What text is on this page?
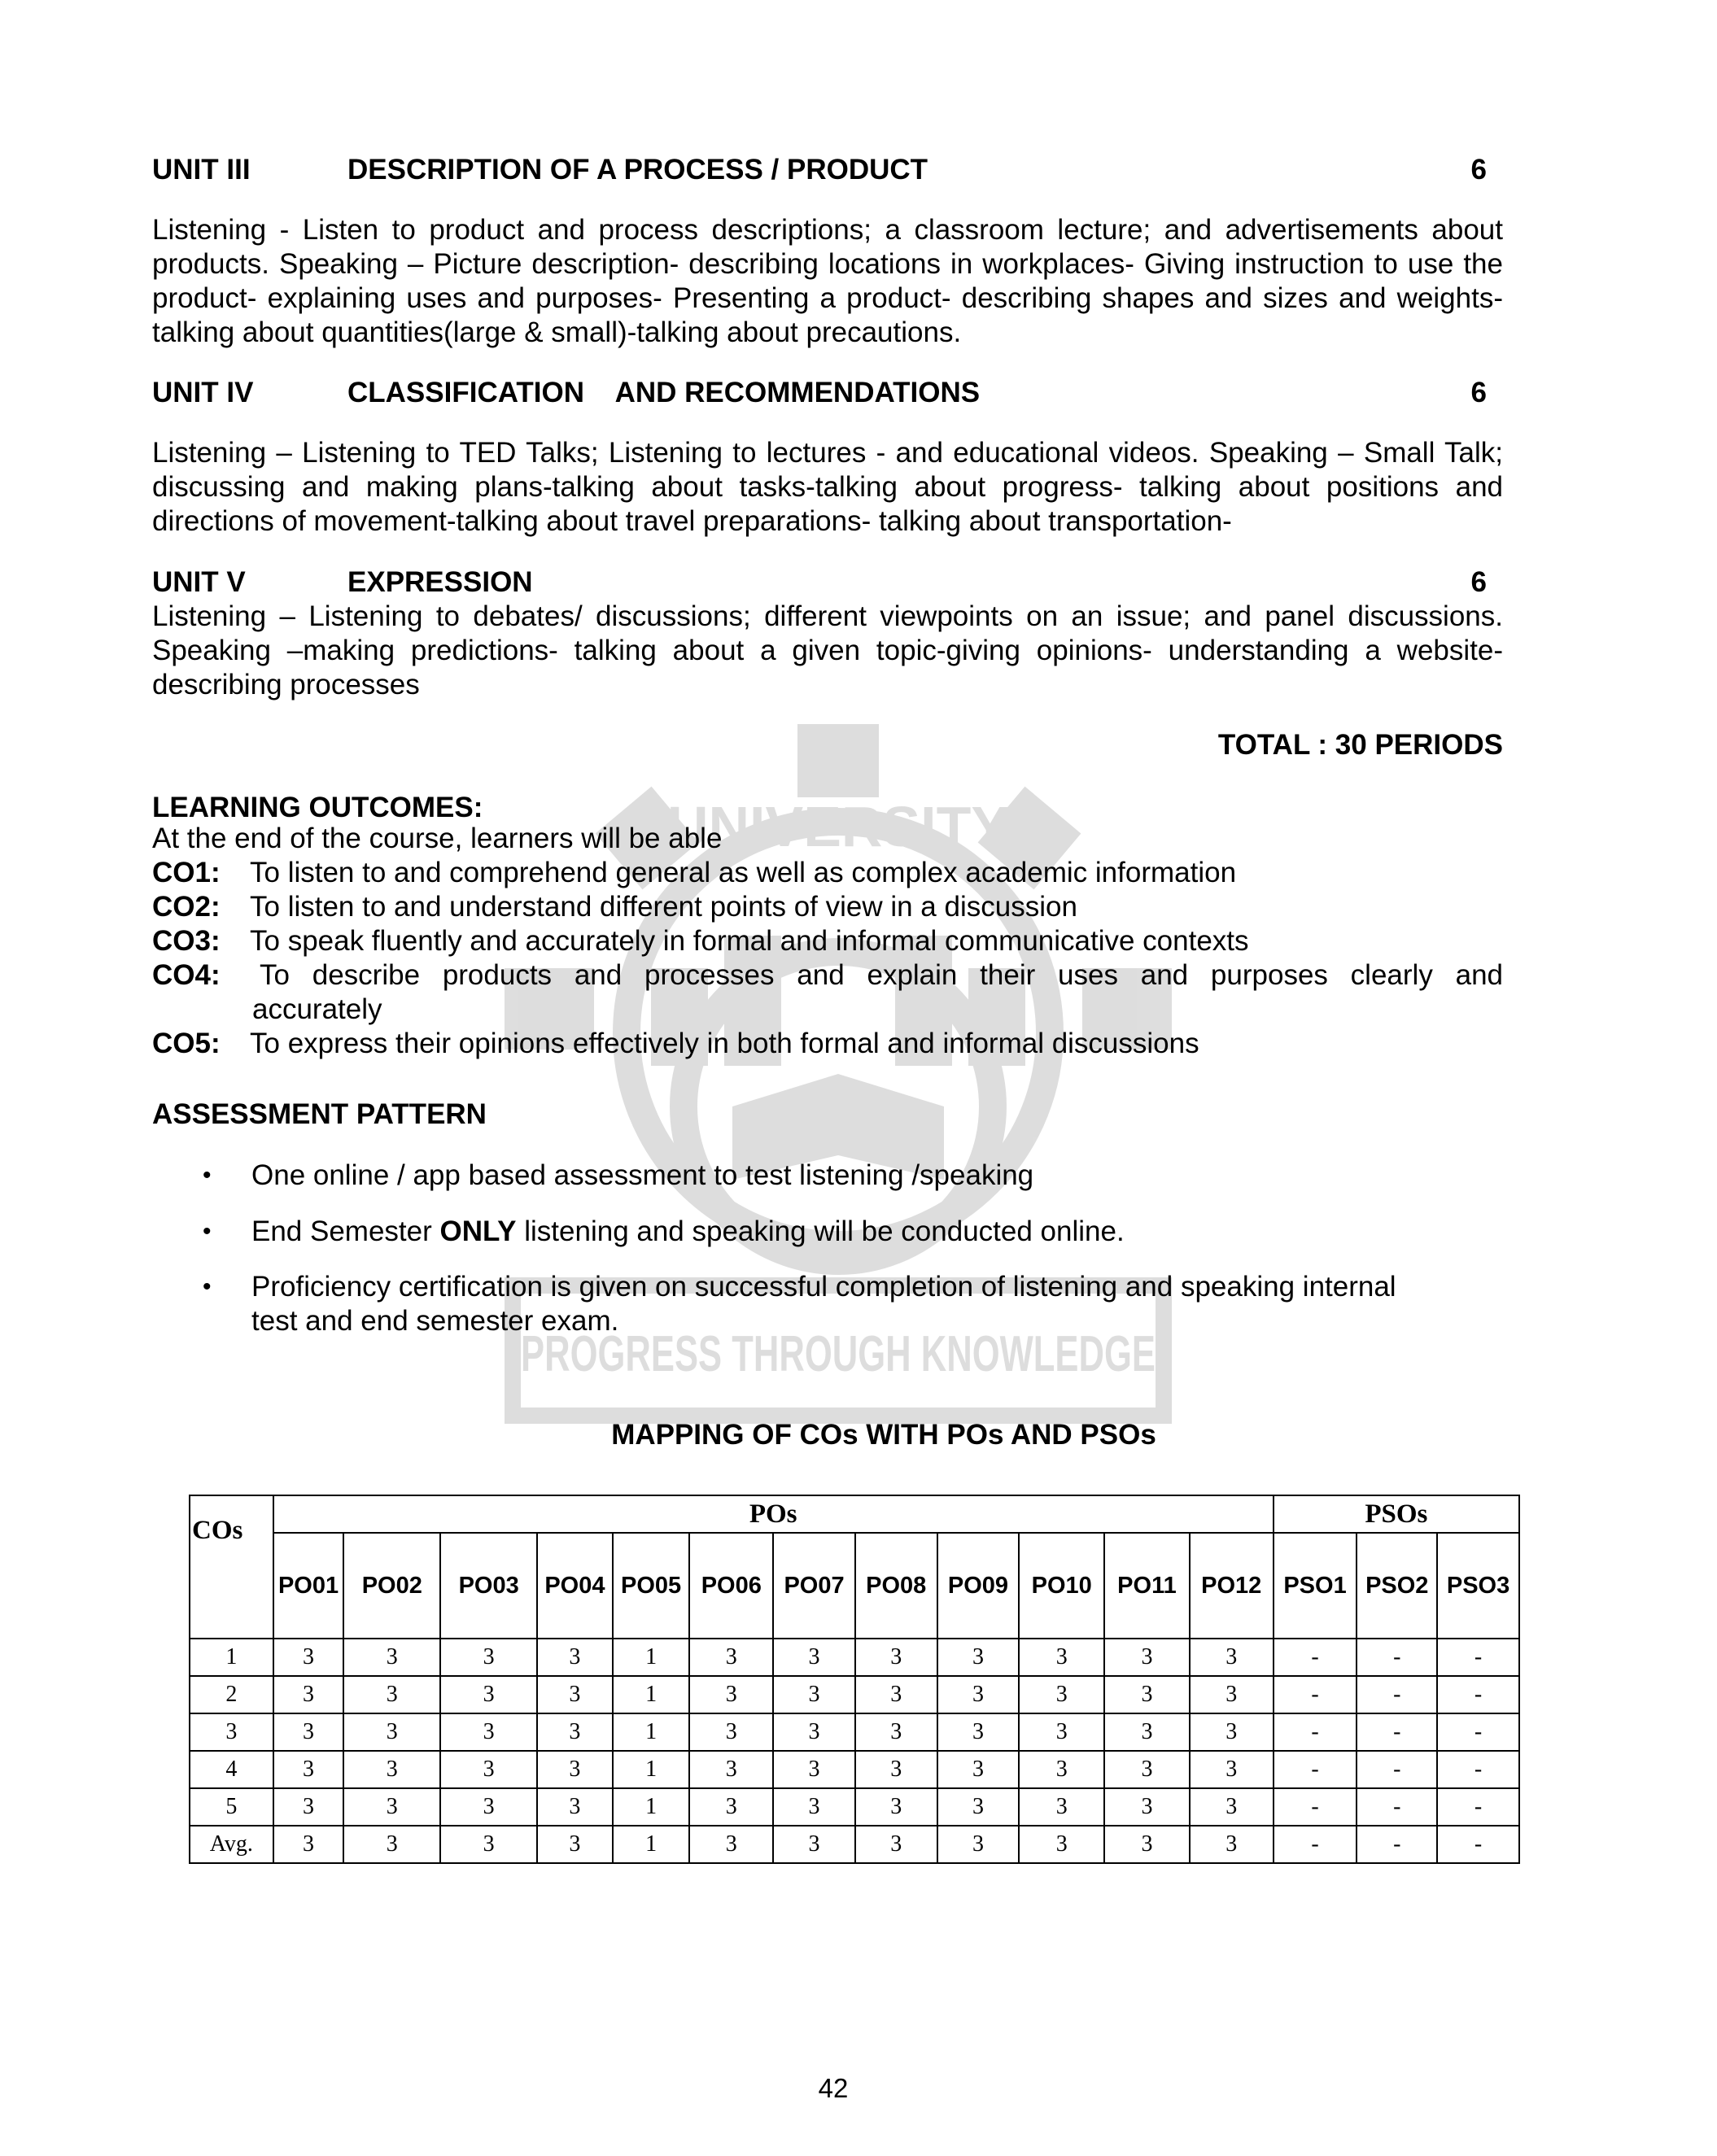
UNIVERSITY
PROGRESS THROUGH KNOWLEDGE
UNIT III	DESCRIPTION OF A PROCESS / PRODUCT	6
Listening - Listen to product and process descriptions; a classroom lecture; and advertisements about products. Speaking – Picture description- describing locations in workplaces- Giving instruction to use the product- explaining uses and purposes- Presenting a product- describing shapes and sizes and weights- talking about quantities(large & small)-talking about precautions.
UNIT IV	CLASSIFICATION    AND RECOMMENDATIONS	6
Listening – Listening to TED Talks; Listening to lectures - and educational videos. Speaking – Small Talk; discussing and making plans-talking about tasks-talking about progress- talking about positions and directions of movement-talking about travel preparations- talking about transportation-
UNIT V	EXPRESSION	6
Listening – Listening to debates/ discussions; different viewpoints on an issue; and panel discussions. Speaking –making predictions- talking about a given topic-giving opinions- understanding a website- describing processes
TOTAL : 30 PERIODS
LEARNING OUTCOMES:
At the end of the course, learners will be able
CO1: To listen to and comprehend general as well as complex academic information
CO2: To listen to and understand different points of view in a discussion
CO3: To speak fluently and accurately in formal and informal communicative contexts
CO4: To describe products and processes and explain their uses and purposes clearly and
accurately
CO5: To express their opinions effectively in both formal and informal discussions
ASSESSMENT PATTERN
• One online / app based assessment to test listening /speaking
• End Semester ONLY listening and speaking will be conducted online.
• Proficiency certification is given on successful completion of listening and speaking internal test and end semester exam.
MAPPING OF COs WITH POs AND PSOs
COs	POs												PSOs		
	PO01	PO02	PO03	PO04	PO05	PO06	PO07	PO08	PO09	PO10	PO11	PO12	PSO1	PSO2	PSO3
1	3	3	3	3	1	3	3	3	3	3	3	3	-	-	-
2	3	3	3	3	1	3	3	3	3	3	3	3	-	-	-
3	3	3	3	3	1	3	3	3	3	3	3	3	-	-	-
4	3	3	3	3	1	3	3	3	3	3	3	3	-	-	-
5	3	3	3	3	1	3	3	3	3	3	3	3	-	-	-
Avg.	3	3	3	3	1	3	3	3	3	3	3	3	-	-	-
42
